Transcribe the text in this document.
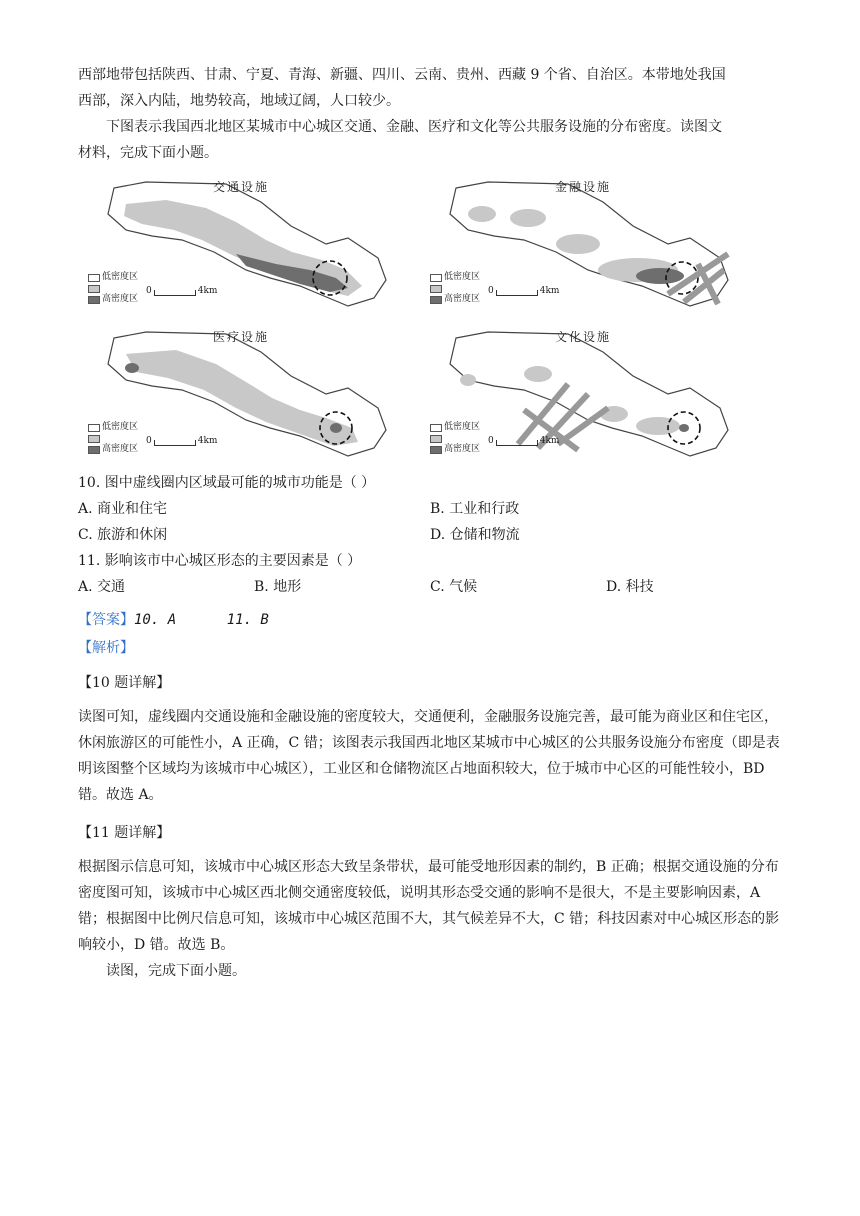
西部地带包括陕西、甘肃、宁夏、青海、新疆、四川、云南、贵州、西藏 9 个省、自治区。本带地处我国

西部，深入内陆，地势较高，地域辽阔，人口较少。

下图表示我国西北地区某城市中心城区交通、金融、医疗和文化等公共服务设施的分布密度。读图文

材料，完成下面小题。

交通设施
低密度区
高密度区
0	4km
金融设施
低密度区
高密度区
0	4km
医疗设施
低密度区
高密度区
0	4km
文化设施
低密度区
高密度区
0	4km

10. 图中虚线圈内区域最可能的城市功能是（ ）

A. 商业和住宅	B. 工业和行政

C. 旅游和休闲	D. 仓储和物流

11. 影响该市中心城区形态的主要因素是（ ）

A. 交通	B. 地形	C. 气候	D. 科技

【答案】10. A      11. B

【解析】

【10 题详解】

读图可知，虚线圈内交通设施和金融设施的密度较大，交通便利，金融服务设施完善，最可能为商业区和住宅区，休闲旅游区的可能性小，A 正确，C 错；该图表示我国西北地区某城市中心城区的公共服务设施分布密度（即是表明该图整个区域均为该城市中心城区），工业区和仓储物流区占地面积较大，位于城市中心区的可能性较小，BD 错。故选 A。

【11 题详解】

根据图示信息可知，该城市中心城区形态大致呈条带状，最可能受地形因素的制约，B 正确；根据交通设施的分布密度图可知，该城市中心城区西北侧交通密度较低，说明其形态受交通的影响不是很大，不是主要影响因素，A 错；根据图中比例尺信息可知，该城市中心城区范围不大，其气候差异不大，C 错；科技因素对中心城区形态的影响较小，D 错。故选 B。

读图，完成下面小题。
